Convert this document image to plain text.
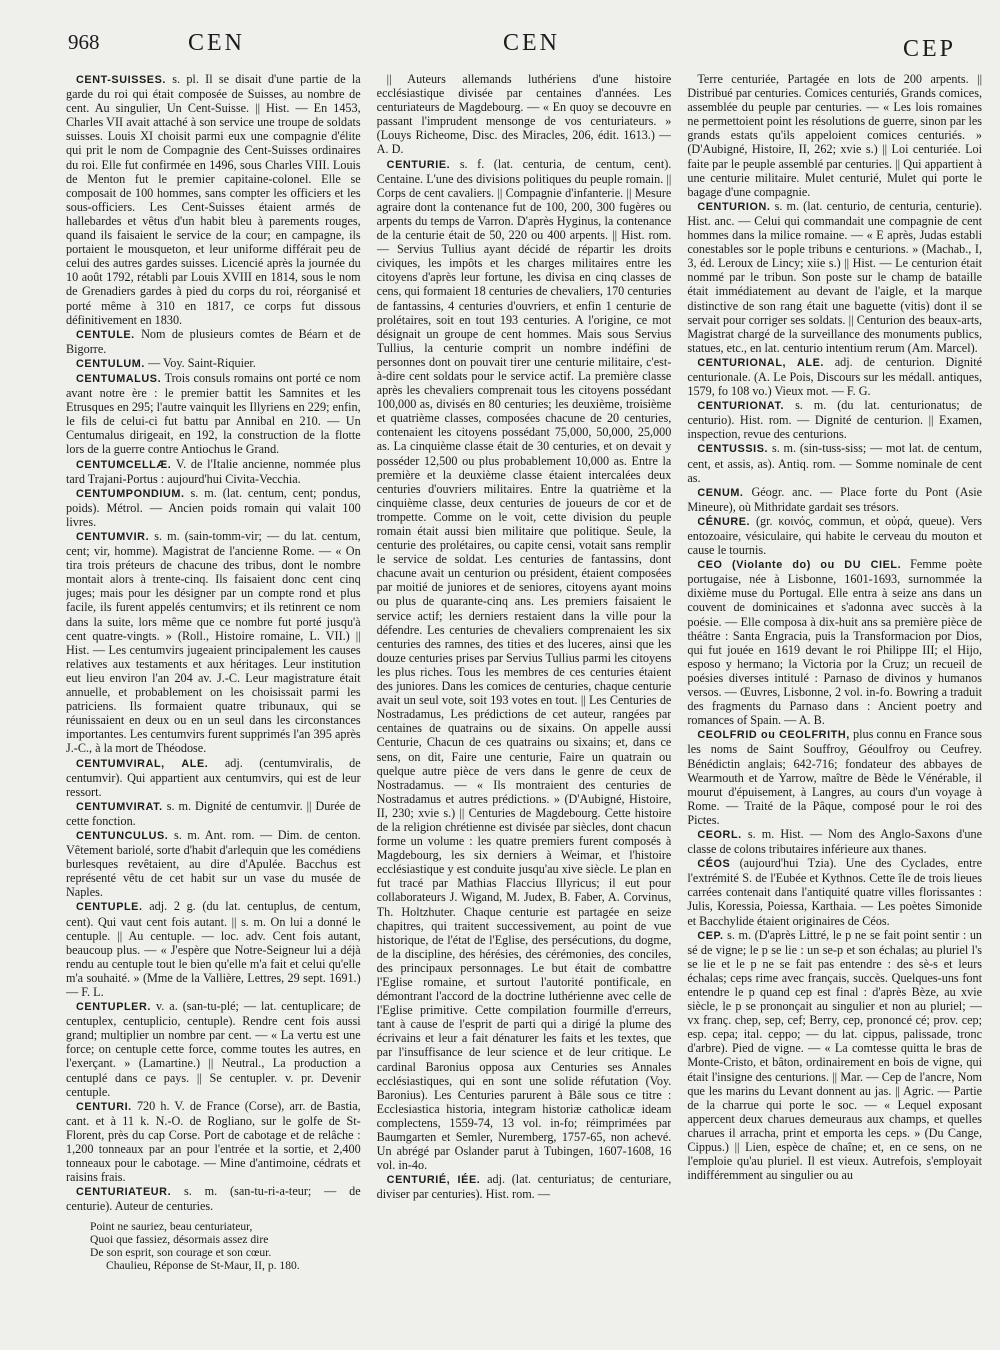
968	CEN	CEN	CEP

CENT-SUISSES. s. pl. Il se disait d'une partie de la garde du roi qui était composée de Suisses, au nombre de cent. Au singulier, Un Cent-Suisse. || Hist. — En 1453, Charles VII avait attaché à son service une troupe de soldats suisses. Louis XI choisit parmi eux une compagnie d'élite qui prit le nom de Compagnie des Cent-Suisses ordinaires du roi. Elle fut confirmée en 1496, sous Charles VIII. Louis de Menton fut le premier capitaine-colonel. Elle se composait de 100 hommes, sans compter les officiers et les sous-officiers. Les Cent-Suisses étaient armés de hallebardes et vêtus d'un habit bleu à parements rouges, quand ils faisaient le service de la cour; en campagne, ils portaient le mousqueton, et leur uniforme différait peu de celui des autres gardes suisses. Licencié après la journée du 10 août 1792, rétabli par Louis XVIII en 1814, sous le nom de Grenadiers gardes à pied du corps du roi, réorganisé et porté même à 310 en 1817, ce corps fut dissous définitivement en 1830.

CENTULE. Nom de plusieurs comtes de Béarn et de Bigorre.

CENTULUM. — Voy. Saint-Riquier.

CENTUMALUS. Trois consuls romains ont porté ce nom avant notre ère : le premier battit les Samnites et les Etrusques en 295; l'autre vainquit les Illyriens en 229; enfin, le fils de celui-ci fut battu par Annibal en 210. — Un Centumalus dirigeait, en 192, la construction de la flotte lors de la guerre contre Antiochus le Grand.

CENTUMCELLÆ. V. de l'Italie ancienne, nommée plus tard Trajani-Portus : aujourd'hui Civita-Vecchia.

CENTUMPONDIUM. s. m. (lat. centum, cent; pondus, poids). Métrol. — Ancien poids romain qui valait 100 livres.

CENTUMVIR. s. m. (sain-tomm-vir; — du lat. centum, cent; vir, homme). Magistrat de l'ancienne Rome. — « On tira trois préteurs de chacune des tribus, dont le nombre montait alors à trente-cinq. Ils faisaient donc cent cinq juges; mais pour les désigner par un compte rond et plus facile, ils furent appelés centumvirs; et ils retinrent ce nom dans la suite, lors même que ce nombre fut porté jusqu'à cent quatre-vingts. » (Roll., Histoire romaine, L. VII.) || Hist. — Les centumvirs jugeaient principalement les causes relatives aux testaments et aux héritages. Leur institution eut lieu environ l'an 204 av. J.-C. Leur magistrature était annuelle, et probablement on les choisissait parmi les patriciens. Ils formaient quatre tribunaux, qui se réunissaient en deux ou en un seul dans les circonstances importantes. Les centumvirs furent supprimés l'an 395 après J.-C., à la mort de Théodose.

CENTUMVIRAL, ALE. adj. (centumviralis, de centumvir). Qui appartient aux centumvirs, qui est de leur ressort.

CENTUMVIRAT. s. m. Dignité de centumvir. || Durée de cette fonction.

CENTUNCULUS. s. m. Ant. rom. — Dim. de centon. Vêtement bariolé, sorte d'habit d'arlequin que les comédiens burlesques revêtaient, au dire d'Apulée. Bacchus est représenté vêtu de cet habit sur un vase du musée de Naples.

CENTUPLE. adj. 2 g. (du lat. centuplus, de centum, cent). Qui vaut cent fois autant. || s. m. On lui a donné le centuple. || Au centuple. — loc. adv. Cent fois autant, beaucoup plus. — « J'espère que Notre-Seigneur lui a déjà rendu au centuple tout le bien qu'elle m'a fait et celui qu'elle m'a souhaité. » (Mme de la Vallière, Lettres, 29 sept. 1691.) — F. L.

CENTUPLER. v. a. (san-tu-plé; — lat. centuplicare; de centuplex, centuplicio, centuple). Rendre cent fois aussi grand; multiplier un nombre par cent. — « La vertu est une force; on centuple cette force, comme toutes les autres, en l'exerçant. » (Lamartine.) || Neutral., La production a centuplé dans ce pays. || Se centupler. v. pr. Devenir centuple.

CENTURI. 720 h. V. de France (Corse), arr. de Bastia, cant. et à 11 k. N.-O. de Rogliano, sur le golfe de St-Florent, près du cap Corse. Port de cabotage et de relâche : 1,200 tonneaux par an pour l'entrée et la sortie, et 2,400 tonneaux pour le cabotage. — Mine d'antimoine, cédrats et raisins frais.

CENTURIATEUR. s. m. (san-tu-ri-a-teur; — de centurie). Auteur de centuries.

Point ne sauriez, beau centuriateur,
Quoi que fassiez, désormais assez dire
De son esprit, son courage et son cœur.
Chaulieu, Réponse de St-Maur, II, p. 180.

|| Auteurs allemands luthériens d'une histoire ecclésiastique divisée par centaines d'années. Les centuriateurs de Magdebourg. — « En quoy se decouvre en passant l'imprudent mensonge de vos centuriateurs. » (Louys Richeome, Disc. des Miracles, 206, édit. 1613.) — A. D.

CENTURIE. s. f. (lat. centuria, de centum, cent). Centaine. L'une des divisions politiques du peuple romain. || Corps de cent cavaliers. || Compagnie d'infanterie. || Mesure agraire dont la contenance fut de 100, 200, 300 fugères ou arpents du temps de Varron. D'après Hyginus, la contenance de la centurie était de 50, 220 ou 400 arpents. || Hist. rom. — Servius Tullius ayant décidé de répartir les droits civiques, les impôts et les charges militaires entre les citoyens d'après leur fortune, les divisa en cinq classes de cens, qui formaient 18 centuries de chevaliers, 170 centuries de fantassins, 4 centuries d'ouvriers, et enfin 1 centurie de prolétaires, soit en tout 193 centuries. A l'origine, ce mot désignait un groupe de cent hommes. Mais sous Servius Tullius, la centurie comprit un nombre indéfini de personnes dont on pouvait tirer une centurie militaire, c'est-à-dire cent soldats pour le service actif. La première classe après les chevaliers comprenait tous les citoyens possédant 100,000 as, divisés en 80 centuries; les deuxième, troisième et quatrième classes, composées chacune de 20 centuries, contenaient les citoyens possédant 75,000, 50,000, 25,000 as. La cinquième classe était de 30 centuries, et on devait y posséder 12,500 ou plus probablement 10,000 as. Entre la première et la deuxième classe étaient intercalées deux centuries d'ouvriers militaires. Entre la quatrième et la cinquième classe, deux centuries de joueurs de cor et de trompette. Comme on le voit, cette division du peuple romain était aussi bien militaire que politique. Seule, la centurie des prolétaires, ou capite censi, votait sans remplir le service de soldat. Les centuries de fantassins, dont chacune avait un centurion ou président, étaient composées par moitié de juniores et de seniores, citoyens ayant moins ou plus de quarante-cinq ans. Les premiers faisaient le service actif; les derniers restaient dans la ville pour la défendre. Les centuries de chevaliers comprenaient les six centuries des ramnes, des tities et des luceres, ainsi que les douze centuries prises par Servius Tullius parmi les citoyens les plus riches. Tous les membres de ces centuries étaient des juniores. Dans les comices de centuries, chaque centurie avait un seul vote, soit 193 votes en tout. || Les Centuries de Nostradamus, Les prédictions de cet auteur, rangées par centaines de quatrains ou de sixains. On appelle aussi Centurie, Chacun de ces quatrains ou sixains; et, dans ce sens, on dit, Faire une centurie, Faire un quatrain ou quelque autre pièce de vers dans le genre de ceux de Nostradamus. — « Ils montraient des centuries de Nostradamus et autres prédictions. » (D'Aubigné, Histoire, II, 230; xvie s.) || Centuries de Magdebourg. Cette histoire de la religion chrétienne est divisée par siècles, dont chacun forme un volume : les quatre premiers furent composés à Magdebourg, les six derniers à Weimar, et l'histoire ecclésiastique y est conduite jusqu'au xive siècle. Le plan en fut tracé par Mathias Flaccius Illyricus; il eut pour collaborateurs J. Wigand, M. Judex, B. Faber, A. Corvinus, Th. Holtzhuter. Chaque centurie est partagée en seize chapitres, qui traitent successivement, au point de vue historique, de l'état de l'Eglise, des persécutions, du dogme, de la discipline, des hérésies, des cérémonies, des conciles, des principaux personnages. Le but était de combattre l'Eglise romaine, et surtout l'autorité pontificale, en démontrant l'accord de la doctrine luthérienne avec celle de l'Eglise primitive. Cette compilation fourmille d'erreurs, tant à cause de l'esprit de parti qui a dirigé la plume des écrivains et leur a fait dénaturer les faits et les textes, que par l'insuffisance de leur science et de leur critique. Le cardinal Baronius opposa aux Centuries ses Annales ecclésiastiques, qui en sont une solide réfutation (Voy. Baronius). Les Centuries parurent à Bâle sous ce titre : Ecclesiastica historia, integram historiæ catholicæ ideam complectens, 1559-74, 13 vol. in-fo; réimprimées par Baumgarten et Semler, Nuremberg, 1757-65, non achevé. Un abrégé par Oslander parut à Tubingen, 1607-1608, 16 vol. in-4o.

CENTURIÉ, IÉE. adj. (lat. centuriatus; de centuriare, diviser par centuries). Hist. rom. —

Terre centuriée, Partagée en lots de 200 arpents. || Distribué par centuries. Comices centuriés, Grands comices, assemblée du peuple par centuries. — « Les lois romaines ne permettoient point les résolutions de guerre, sinon par les grands estats qu'ils appeloient comices centuriés. » (D'Aubigné, Histoire, II, 262; xvie s.) || Loi centuriée. Loi faite par le peuple assemblé par centuries. || Qui appartient à une centurie militaire. Mulet centurié, Mulet qui porte le bagage d'une compagnie.

CENTURION. s. m. (lat. centurio, de centuria, centurie). Hist. anc. — Celui qui commandait une compagnie de cent hommes dans la milice romaine. — « E après, Judas establi conestables sor le pople tribuns e centurions. » (Machab., I, 3, éd. Leroux de Lincy; xiie s.) || Hist. — Le centurion était nommé par le tribun. Son poste sur le champ de bataille était immédiatement au devant de l'aigle, et la marque distinctive de son rang était une baguette (vitis) dont il se servait pour corriger ses soldats. || Centurion des beaux-arts, Magistrat chargé de la surveillance des monuments publics, statues, etc., en lat. centurio intentium rerum (Am. Marcel).

CENTURIONAL, ALE. adj. de centurion. Dignité centurionale. (A. Le Pois, Discours sur les médall. antiques, 1579, fo 108 vo.) Vieux mot. — F. G.

CENTURIONAT. s. m. (du lat. centurionatus; de centurio). Hist. rom. — Dignité de centurion. || Examen, inspection, revue des centurions.

CENTUSSIS. s. m. (sin-tuss-siss; — mot lat. de centum, cent, et assis, as). Antiq. rom. — Somme nominale de cent as.

CENUM. Géogr. anc. — Place forte du Pont (Asie Mineure), où Mithridate gardait ses trésors.

CÉNURE. (gr. κοινός, commun, et οὐρά, queue). Vers entozoaire, vésiculaire, qui habite le cerveau du mouton et cause le tournis.

CEO (Violante do) ou DU CIEL. Femme poète portugaise, née à Lisbonne, 1601-1693, surnommée la dixième muse du Portugal. Elle entra à seize ans dans un couvent de dominicaines et s'adonna avec succès à la poésie. — Elle composa à dix-huit ans sa première pièce de théâtre : Santa Engracia, puis la Transformacion por Dios, qui fut jouée en 1619 devant le roi Philippe III; el Hijo, esposo y hermano; la Victoria por la Cruz; un recueil de poésies diverses intitulé : Parnaso de divinos y humanos versos. — Œuvres, Lisbonne, 2 vol. in-fo. Bowring a traduit des fragments du Parnaso dans : Ancient poetry and romances of Spain. — A. B.

CEOLFRID ou CEOLFRITH, plus connu en France sous les noms de Saint Souffroy, Géoulfroy ou Ceufrey. Bénédictin anglais; 642-716; fondateur des abbayes de Wearmouth et de Yarrow, maître de Bède le Vénérable, il mourut d'épuisement, à Langres, au cours d'un voyage à Rome. — Traité de la Pâque, composé pour le roi des Pictes.

CEORL. s. m. Hist. — Nom des Anglo-Saxons d'une classe de colons tributaires inférieure aux thanes.

CÉOS (aujourd'hui Tzia). Une des Cyclades, entre l'extrémité S. de l'Eubée et Kythnos. Cette île de trois lieues carrées contenait dans l'antiquité quatre villes florissantes : Julis, Koressia, Poiessa, Karthaia. — Les poètes Simonide et Bacchylide étaient originaires de Céos.

CEP. s. m. (D'après Littré, le p ne se fait point sentir : un sé de vigne; le p se lie : un se-p et son échalas; au pluriel l's se lie et le p ne se fait pas entendre : des sè-s et leurs échalas; ceps rime avec français, succès. Quelques-uns font entendre le p quand cep est final : d'après Bèze, au xvie siècle, le p se prononçait au singulier et non au pluriel; — vx franç. chep, sep, cef; Berry, cep, prononcé cé; prov. cep; esp. cepa; ital. ceppo; — du lat. cippus, palissade, tronc d'arbre). Pied de vigne. — « La comtesse quitta le bras de Monte-Cristo, et bâton, ordinairement en bois de vigne, qui était l'insigne des centurions. || Mar. — Cep de l'ancre, Nom que les marins du Levant donnent au jas. || Agric. — Partie de la charrue qui porte le soc. — « Lequel exposant appercent deux charues demeuraus aux champs, et quelles charues il arracha, print et emporta les ceps. » (Du Cange, Cippus.) || Lien, espèce de chaîne; et, en ce sens, on ne l'emploie qu'au pluriel. Il est vieux. Autrefois, s'employait indifféremment au singulier ou au
